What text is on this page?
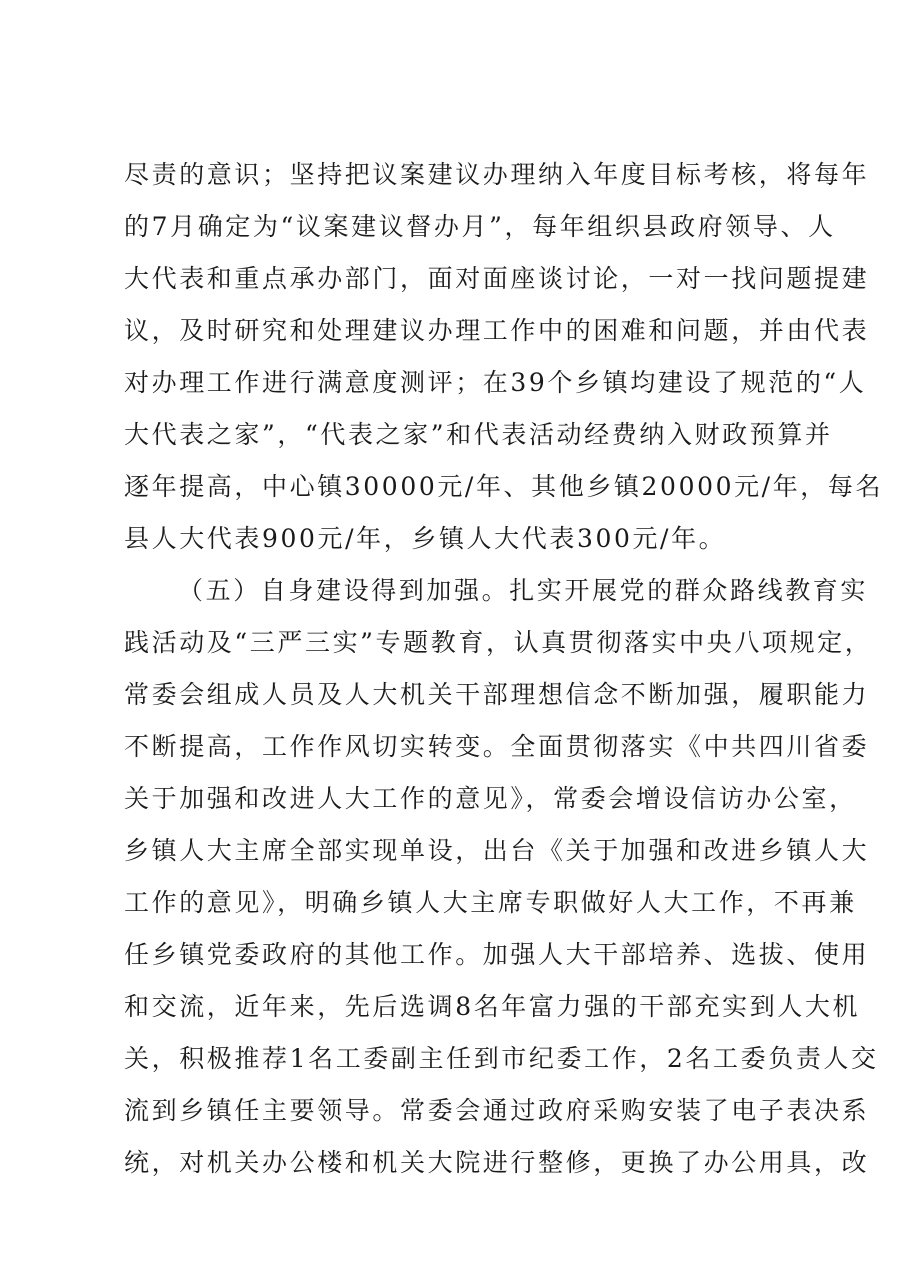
尽责的意识；坚持把议案建议办理纳入年度目标考核，将每年
的7月确定为“议案建议督办月”，每年组织县政府领导、人
大代表和重点承办部门，面对面座谈讨论，一对一找问题提建
议，及时研究和处理建议办理工作中的困难和问题，并由代表
对办理工作进行满意度测评；在39个乡镇均建设了规范的“人
大代表之家”，“代表之家”和代表活动经费纳入财政预算并
逐年提高，中心镇30000元/年、其他乡镇20000元/年，每名
县人大代表900元/年，乡镇人大代表300元/年。
（五）自身建设得到加强。扎实开展党的群众路线教育实
践活动及“三严三实”专题教育，认真贯彻落实中央八项规定，
常委会组成人员及人大机关干部理想信念不断加强，履职能力
不断提高，工作作风切实转变。全面贯彻落实《中共四川省委
关于加强和改进人大工作的意见》，常委会增设信访办公室，
乡镇人大主席全部实现单设，出台《关于加强和改进乡镇人大
工作的意见》，明确乡镇人大主席专职做好人大工作，不再兼
任乡镇党委政府的其他工作。加强人大干部培养、选拔、使用
和交流，近年来，先后选调8名年富力强的干部充实到人大机
关，积极推荐1名工委副主任到市纪委工作，2名工委负责人交
流到乡镇任主要领导。常委会通过政府采购安装了电子表决系
统，对机关办公楼和机关大院进行整修，更换了办公用具，改
